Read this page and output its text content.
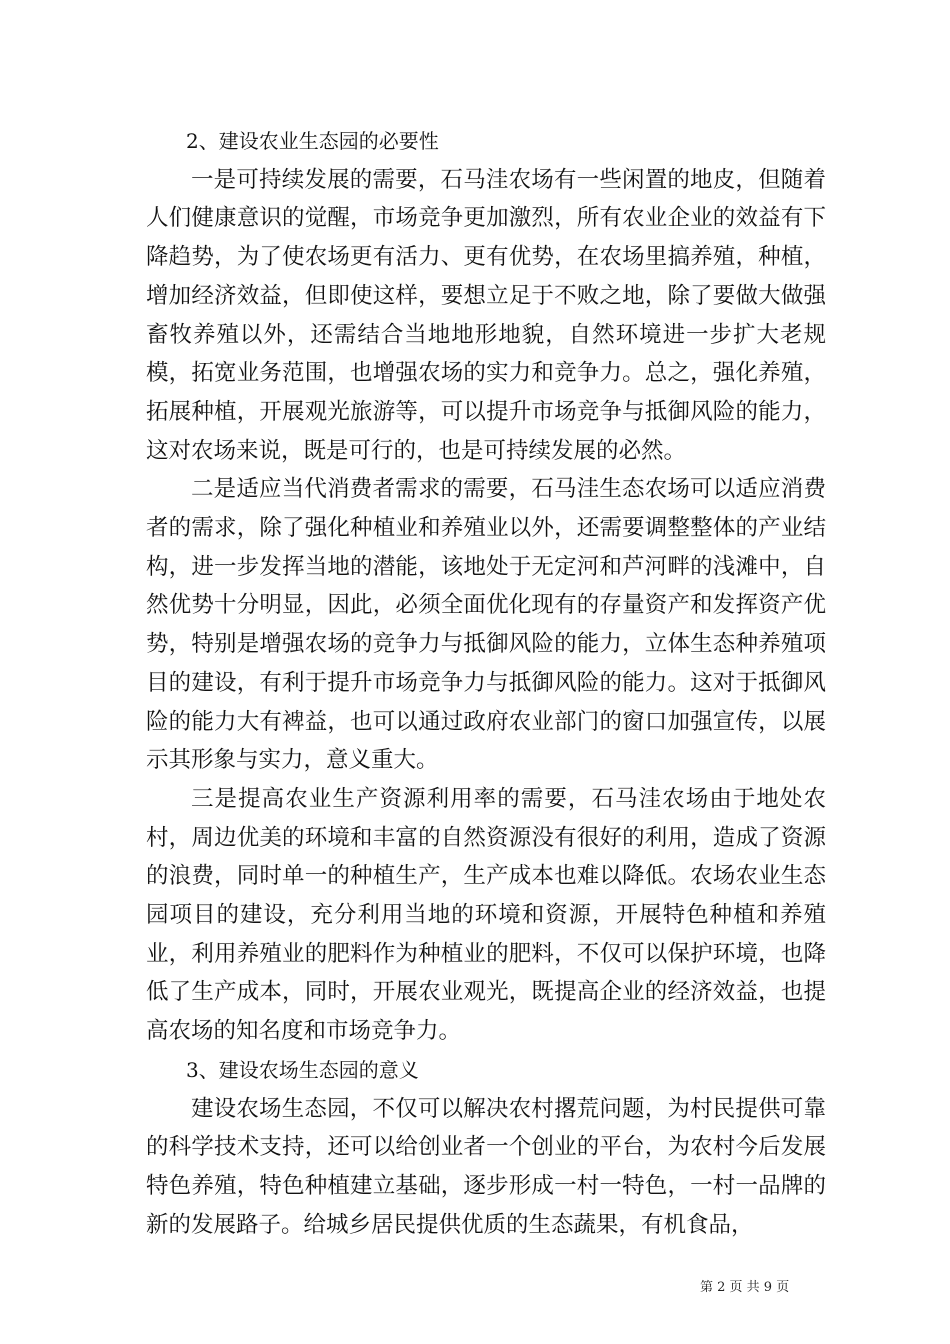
2、建设农业生态园的必要性

一是可持续发展的需要，石马洼农场有一些闲置的地皮，但随着人们健康意识的觉醒，市场竞争更加激烈，所有农业企业的效益有下降趋势，为了使农场更有活力、更有优势，在农场里搞养殖，种植，增加经济效益，但即使这样，要想立足于不败之地，除了要做大做强畜牧养殖以外，还需结合当地地形地貌，自然环境进一步扩大老规模，拓宽业务范围，也增强农场的实力和竞争力。总之，强化养殖，拓展种植，开展观光旅游等，可以提升市场竞争与抵御风险的能力，这对农场来说，既是可行的，也是可持续发展的必然。

二是适应当代消费者需求的需要，石马洼生态农场可以适应消费者的需求，除了强化种植业和养殖业以外，还需要调整整体的产业结构，进一步发挥当地的潜能，该地处于无定河和芦河畔的浅滩中，自然优势十分明显，因此，必须全面优化现有的存量资产和发挥资产优势，特别是增强农场的竞争力与抵御风险的能力，立体生态种养殖项目的建设，有利于提升市场竞争力与抵御风险的能力。这对于抵御风险的能力大有裨益，也可以通过政府农业部门的窗口加强宣传，以展示其形象与实力，意义重大。

三是提高农业生产资源利用率的需要，石马洼农场由于地处农村，周边优美的环境和丰富的自然资源没有很好的利用，造成了资源的浪费，同时单一的种植生产，生产成本也难以降低。农场农业生态园项目的建设，充分利用当地的环境和资源，开展特色种植和养殖业，利用养殖业的肥料作为种植业的肥料，不仅可以保护环境，也降低了生产成本，同时，开展农业观光，既提高企业的经济效益，也提高农场的知名度和市场竞争力。

3、建设农场生态园的意义

建设农场生态园，不仅可以解决农村撂荒问题，为村民提供可靠的科学技术支持，还可以给创业者一个创业的平台，为农村今后发展特色养殖，特色种植建立基础，逐步形成一村一特色，一村一品牌的新的发展路子。给城乡居民提供优质的生态蔬果，有机食品，

第 2 页 共 9 页
